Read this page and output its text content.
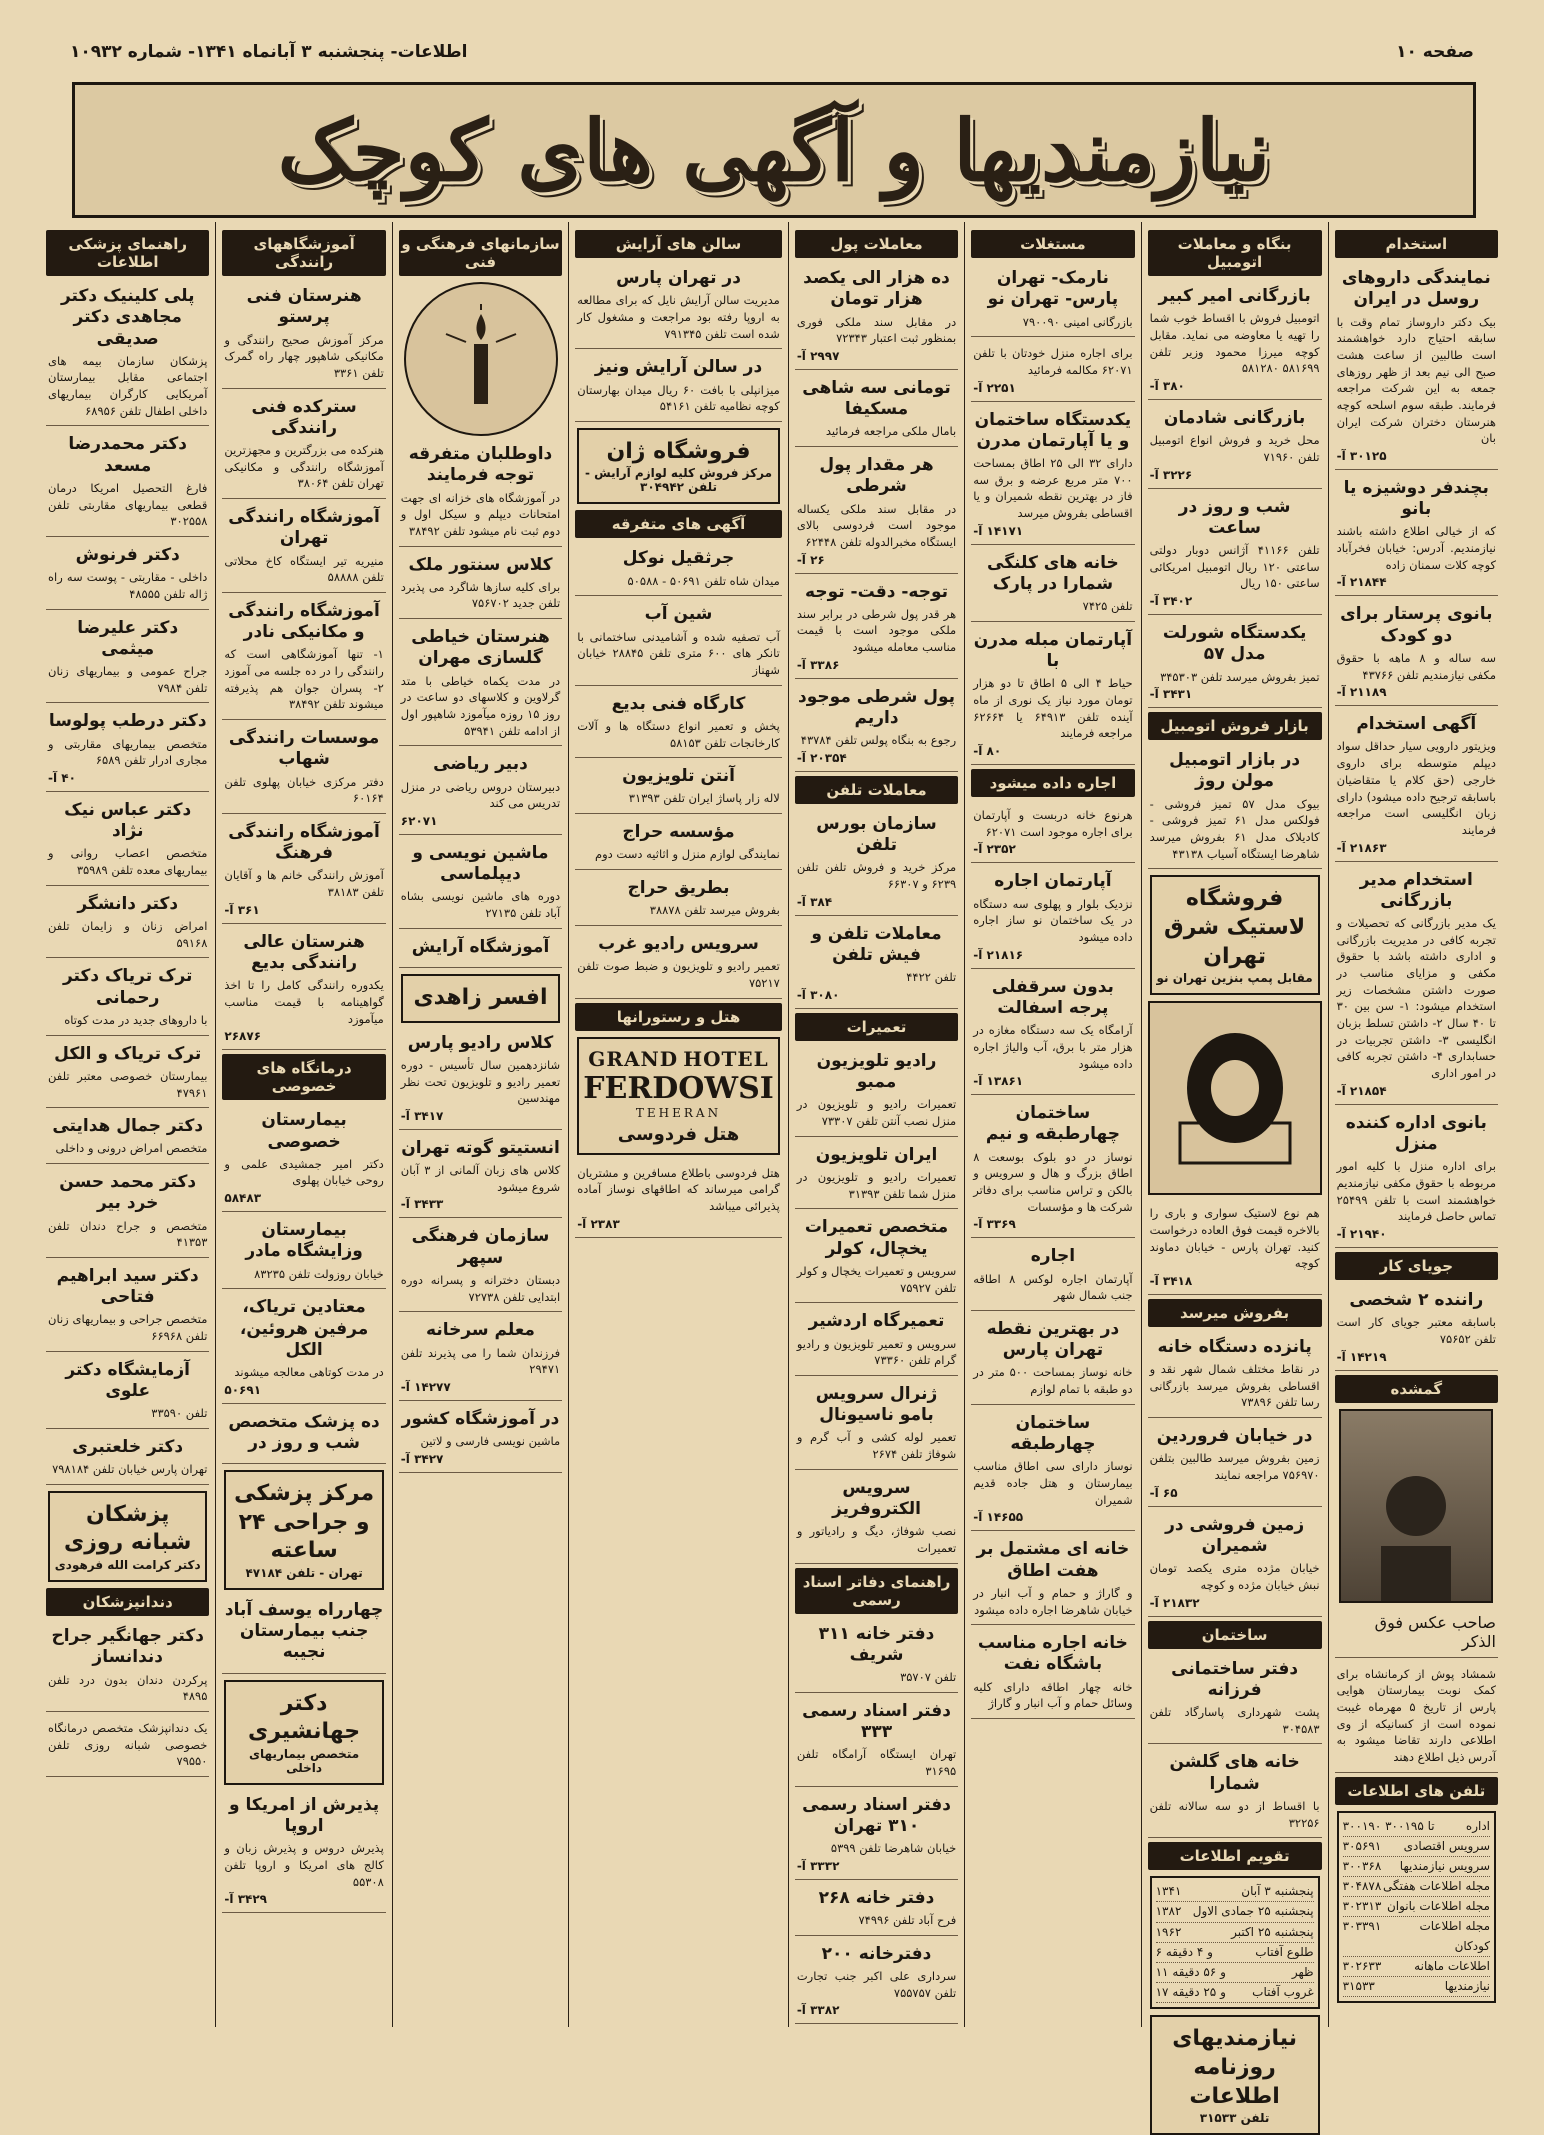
صفحه ۱۰
اطلاعات- پنجشنبه ۳ آبانماه ۱۳۴۱- شماره ۱۰۹۳۲
نیازمندیها و آگهی های کوچک
استخدام
نمایندگی داروهای روسل در ایران
بیک دکتر داروساز تمام وقت با سابقه احتیاج دارد خواهشمند است طالبین از ساعت هشت صبح الی نیم بعد از ظهر روزهای جمعه به این شرکت مراجعه فرمایند. طبقه سوم اسلحه کوچه هنرستان دختران شرکت ایران بان
۳۰۱۲۵ آ-
بچندفر دوشیزه یا بانو
که از خیالی اطلاع داشته باشند نیازمندیم. آدرس: خیابان فخرآباد کوچه کلات سمنان زاده
۲۱۸۴۴ آ-
بانوی پرستار برای دو کودک
سه ساله و ۸ ماهه با حقوق مکفی نیازمندیم تلفن ۴۳۷۶۶
۲۱۱۸۹ آ-
آگهی استخدام
ویزیتور دارویی سیار حداقل سواد دیپلم متوسطه برای داروی خارجی (حق کلام یا متقاضیان باسابقه ترجیح داده میشود) دارای زبان انگلیسی است مراجعه فرمایند
۲۱۸۶۳ آ-
استخدام مدیر بازرگانی
یک مدیر بازرگانی که تحصیلات و تجربه کافی در مدیریت بازرگانی و اداری داشته باشد با حقوق مکفی و مزایای مناسب در صورت داشتن مشخصات زیر استخدام میشود: ۱- سن بین ۳۰ تا ۴۰ سال ۲- داشتن تسلط بزبان انگلیسی ۳- داشتن تجربیات در حسابداری ۴- داشتن تجربه کافی در امور اداری
۲۱۸۵۴ آ-
بانوی اداره کننده منزل
برای اداره منزل با کلیه امور مربوطه با حقوق مکفی نیازمندیم خواهشمند است با تلفن ۲۵۴۹۹ تماس حاصل فرمایند
۲۱۹۴۰ آ-
جویای کار
راننده ۲ شخصی
باسابقه معتبر جویای کار است تلفن ۷۵۶۵۲
۱۴۲۱۹ آ-
گمشده
صاحب عکس فوق الذکر
شمشاد پوش از کرمانشاه برای کمک نوبت بیمارستان هوایی پارس از تاریخ ۵ مهرماه غیبت نموده است از کسانیکه از وی اطلاعی دارند تقاضا میشود به آدرس ذیل اطلاع دهند
تلفن های اطلاعات
اداره
۳۰۰۱۹۰ تا ۳۰۰۱۹۵
سرویس اقتصادی
۳۰۵۶۹۱
سرویس نیازمندیها
۳۰۰۳۶۸
مجله اطلاعات هفتگی
۳۰۴۸۷۸
مجله اطلاعات بانوان
۳۰۲۳۱۳
مجله اطلاعات کودکان
۳۰۳۳۹۱
اطلاعات ماهانه
۳۰۲۶۳۳
نیازمندیها
۳۱۵۳۳
بنگاه و معاملات اتومبیل
بازرگانی امیر کبیر
اتومبیل فروش با اقساط خوب شما را تهیه یا معاوضه می نماید. مقابل کوچه میرزا محمود وزیر تلفن ۵۸۱۶۹۹ ۵۸۱۲۸۰
۳۸۰ آ-
بازرگانی شادمان
محل خرید و فروش انواع اتومبیل تلفن ۷۱۹۶۰
۳۲۲۶ آ-
شب و روز در ساعت
تلفن ۴۱۱۶۶ آژانس دوبار دولتی ساعتی ۱۲۰ ریال اتومبیل امریکائی ساعتی ۱۵۰ ریال
۳۴۰۲ آ-
یکدستگاه شورلت مدل ۵۷
تمیز بفروش میرسد تلفن ۳۴۵۳۰۳
۳۴۳۱ آ-
بازار فروش اتومبیل
در بازار اتومبیل مولن روژ
بیوک مدل ۵۷ تمیز فروشی - فولکس مدل ۶۱ تمیز فروشی - کادیلاک مدل ۶۱ بفروش میرسد شاهرضا ایستگاه آسیاب ۴۳۱۳۸
فروشگاه لاستیک شرق تهران
مقابل پمپ بنزین تهران نو
هم نوع لاستیک سواری و باری را بالاخره قیمت فوق العاده درخواست کنید. تهران پارس - خیابان دماوند کوچه
۳۴۱۸ آ-
بفروش میرسد
پانزده دستگاه خانه
در نقاط مختلف شمال شهر نقد و اقساطی بفروش میرسد بازرگانی رسا تلفن ۷۳۸۹۶
در خیابان فروردین
زمین بفروش میرسد طالبین بتلفن ۷۵۶۹۷۰ مراجعه نمایند
۶۵ آ-
زمین فروشی در شمیران
خیابان مژده متری یکصد تومان نبش خیابان مژده و کوچه
۲۱۸۳۲ آ-
ساختمان
دفتر ساختمانی فرزانه
پشت شهرداری پاسارگاد تلفن ۳۰۴۵۸۳
خانه های گلشن شمارا
با اقساط از دو سه سالانه تلفن ۳۲۲۵۶
تقویم اطلاعات
پنجشنبه ۳ آبان
۱۳۴۱
پنجشنبه ۲۵ جمادی الاول
۱۳۸۲
پنجشنبه ۲۵ اکتبر
۱۹۶۲
طلوع آفتاب
۶ و ۴ دقیقه
ظهر
۱۱ و ۵۶ دقیقه
غروب آفتاب
۱۷ و ۲۵ دقیقه
نیازمندیهای روزنامه اطلاعات
تلفن ۳۱۵۳۳
مستغلات
نارمک- تهران پارس- تهران نو
بازرگانی امینی ۷۹۰۰۹۰
برای اجاره منزل خودتان با تلفن ۶۲۰۷۱ مکالمه فرمائید
۲۲۵۱ آ-
یکدستگاه ساختمان و یا آپارتمان مدرن
دارای ۳۲ الی ۲۵ اطاق بمساحت ۷۰۰ متر مربع عرضه و برق سه فاز در بهترین نقطه شمیران و یا اقساطی بفروش میرسد
۱۴۱۷۱ آ-
خانه های کلنگی شمارا در پارک
تلفن ۷۴۲۵
آپارتمان مبله مدرن با
حیاط ۴ الی ۵ اطاق تا دو هزار تومان مورد نیاز یک نوری از ماه آینده تلفن ۶۴۹۱۳ یا ۶۲۶۶۴ مراجعه فرمایند
۸۰ آ-
اجاره داده میشود
هرنوع خانه دربست و آپارتمان برای اجاره موجود است ۶۲۰۷۱
۲۳۵۲ آ-
آپارتمان اجاره
نزدیک بلوار و پهلوی سه دستگاه در یک ساختمان نو ساز اجاره داده میشود
۲۱۸۱۶ آ-
بدون سرقفلی پرجه اسفالت
آرامگاه یک سه دستگاه مغازه در هزار متر با برق، آب والیاژ اجاره داده میشود
۱۳۸۶۱ آ-
ساختمان چهارطبقه و نیم
نوساز در دو بلوک بوسعت ۸ اطاق بزرگ و هال و سرویس و بالکن و تراس مناسب برای دفاتر شرکت ها و مؤسسات
۳۳۶۹ آ-
اجاره
آپارتمان اجاره لوکس ۸ اطاقه جنب شمال شهر
در بهترین نقطه تهران پارس
خانه نوساز بمساحت ۵۰۰ متر در دو طبقه با تمام لوازم
ساختمان چهارطبقه
نوساز دارای سی اطاق مناسب بیمارستان و هتل جاده قدیم شمیران
۱۴۶۵۵ آ-
خانه ای مشتمل بر هفت اطاق
و گاراژ و حمام و آب انبار در خیابان شاهرضا اجاره داده میشود
خانه اجاره مناسب باشگاه نفت
خانه چهار اطاقه دارای کلیه وسائل حمام و آب انبار و گاراژ
معاملات پول
ده هزار الی یکصد هزار تومان
در مقابل سند ملکی فوری بمنظور ثبت اعتبار ۷۲۳۴۳
۲۹۹۷ آ-
تومانی سه شاهی مسکیفا
بامال ملکی مراجعه فرمائید
هر مقدار پول شرطی
در مقابل سند ملکی یکساله موجود است فردوسی بالای ایستگاه مخبرالدوله تلفن ۶۲۴۴۸
۲۶ آ-
توجه- دقت- توجه
هر قدر پول شرطی در برابر سند ملکی موجود است با قیمت مناسب معامله میشود
۳۳۸۶ آ-
پول شرطی موجود داریم
رجوع به بنگاه پولس تلفن ۴۳۷۸۴
۲۰۳۵۴ آ-
معاملات تلفن
سازمان بورس تلفن
مرکز خرید و فروش تلفن تلفن ۶۲۳۹ و ۶۶۳۰۷
۳۸۴ آ-
معاملات تلفن و فیش تلفن
تلفن ۴۴۲۲
۳۰۸۰ آ-
تعمیرات
رادیو تلویزیون ممبو
تعمیرات رادیو و تلویزیون در منزل نصب آنتن تلفن ۷۳۳۰۷
ایران تلویزیون
تعمیرات رادیو و تلویزیون در منزل شما تلفن ۳۱۳۹۳
متخصص تعمیرات یخچال، کولر
سرویس و تعمیرات یخچال و کولر تلفن ۷۵۹۲۷
تعمیرگاه اردشیر
سرویس و تعمیر تلویزیون و رادیو گرام تلفن ۷۳۳۶۰
ژنرال سرویس بامو ناسیونال
تعمیر لوله کشی و آب گرم و شوفاژ تلفن ۲۶۷۴
سرویس الکتروفریز
نصب شوفاژ، دیگ و رادیاتور و تعمیرات
راهنمای دفاتر اسناد رسمی
دفتر خانه ۳۱۱ شریف
تلفن ۳۵۷۰۷
دفتر اسناد رسمی ۳۳۳
تهران ایستگاه آرامگاه تلفن ۳۱۶۹۵
دفتر اسناد رسمی ۳۱۰ تهران
خیابان شاهرضا تلفن ۵۳۹۹
۳۳۳۲ آ-
دفتر خانه ۲۶۸
فرح آباد تلفن ۷۴۹۹۶
دفترخانه ۲۰۰
سرداری علی اکبر جنب تجارت تلفن ۷۵۵۷۵۷
۳۳۸۲ آ-
سالن های آرایش
در تهران پارس
مدیریت سالن آرایش نایل که برای مطالعه به اروپا رفته بود مراجعت و مشغول کار شده است تلفن ۷۹۱۳۴۵
در سالن آرایش ونیز
میزانپلی با بافت ۶۰ ریال میدان بهارستان کوچه نظامیه تلفن ۵۴۱۶۱
فروشگاه ژان
مرکز فروش کلیه لوازم آرایش - تلفن ۳۰۴۹۴۲
آگهی های متفرقه
جرثقیل نوکل
میدان شاه تلفن ۵۰۶۹۱ - ۵۰۵۸۸
شین آب
آب تصفیه شده و آشامیدنی ساختمانی با تانکر های ۶۰۰ متری تلفن ۲۸۸۴۵ خیابان شهناز
کارگاه فنی بدیع
پخش و تعمیر انواع دستگاه ها و آلات کارخانجات تلفن ۵۸۱۵۳
آنتن تلویزیون
لاله زار پاساژ ایران تلفن ۳۱۳۹۳
مؤسسه حراج
نمایندگی لوازم منزل و اثاثیه دست دوم
بطریق حراج
بفروش میرسد تلفن ۳۸۸۷۸
سرویس رادیو غرب
تعمیر رادیو و تلویزیون و ضبط صوت تلفن ۷۵۲۱۷
هتل و رستورانها
GRAND HOTEL
FERDOWSI
TEHERAN
هتل فردوسی
هتل فردوسی باطلاع مسافرین و مشتریان گرامی میرساند که اطاقهای نوساز آماده پذیرائی میباشد
۲۳۸۳ آ-
سازمانهای فرهنگی و فنی
داوطلبان متفرقه توجه فرمایند
در آموزشگاه های خزانه ای جهت امتحانات دیپلم و سیکل اول و دوم ثبت نام میشود تلفن ۳۸۴۹۲
کلاس سنتور ملک
برای کلیه سازها شاگرد می پذیرد تلفن جدید ۷۵۶۷۰۲
هنرستان خیاطی گلسازی مهران
در مدت یکماه خیاطی با متد گرلاوین و کلاسهای دو ساعت در روز ۱۵ روزه میآموزد شاهپور اول از ادامه تلفن ۵۳۹۴۱
دبیر ریاضی
دبیرستان دروس ریاضی در منزل تدریس می کند
۶۲۰۷۱
ماشین نویسی و دیپلماسی
دوره های ماشین نویسی بشاه آباد تلفن ۲۷۱۳۵
آموزشگاه آرایش
افسر زاهدی
کلاس رادیو پارس
شانزدهمین سال تأسیس - دوره تعمیر رادیو و تلویزیون تحت نظر مهندسین
۳۴۱۷ آ-
انستیتو گوته تهران
کلاس های زبان آلمانی از ۳ آبان شروع میشود
۳۴۳۳ آ-
سازمان فرهنگی سپهر
دبستان دخترانه و پسرانه دوره ابتدایی تلفن ۷۲۷۳۸
معلم سرخانه
فرزندان شما را می پذیرند تلفن ۲۹۴۷۱
۱۴۲۷۷ آ-
در آموزشگاه کشور
ماشین نویسی فارسی و لاتین
۳۴۲۷ آ-
آموزشگاههای رانندگی
هنرستان فنی پرستو
مرکز آموزش صحیح رانندگی و مکانیکی شاهپور چهار راه گمرک تلفن ۳۳۶۱
سترکده فنی رانندگی
هنرکده می بزرگترین و مجهزترین آموزشگاه رانندگی و مکانیکی تهران تلفن ۳۸۰۶۴
آموزشگاه رانندگی تهران
منیریه تیر ایستگاه کاخ محلاتی تلفن ۵۸۸۸۸
آموزشگاه رانندگی و مکانیکی نادر
۱- تنها آموزشگاهی است که رانندگی را در ده جلسه می آموزد ۲- پسران جوان هم پذیرفته میشوند تلفن ۳۸۴۹۲
موسسات رانندگی شهاب
دفتر مرکزی خیابان پهلوی تلفن ۶۰۱۶۴
آموزشگاه رانندگی فرهنگ
آموزش رانندگی خانم ها و آقایان تلفن ۳۸۱۸۳
۳۶۱ آ-
هنرستان عالی رانندگی بدیع
یکدوره رانندگی کامل را تا اخذ گواهینامه با قیمت مناسب میآموزد
۲۶۸۷۶
درمانگاه های خصوصی
بیمارستان خصوصی
دکتر امیر جمشیدی علمی و روحی خیابان پهلوی
۵۸۴۸۳
بیمارستان وزایشگاه مادر
خیابان روزولت تلفن ۸۳۲۳۵
معتادین تریاک، مرفین هروئین، الکل
در مدت کوتاهی معالجه میشوند
۵۰۶۹۱
ده پزشک متخصص شب و روز در
مرکز پزشکی و جراحی ۲۴ ساعته
تهران - تلفن ۴۷۱۸۴
چهارراه یوسف آباد جنب بیمارستان نجیبه
دکتر جهانشیری
متخصص بیماریهای داخلی
پذیرش از امریکا و اروپا
پذیرش دروس و پذیرش زبان و کالج های امریکا و اروپا تلفن ۵۵۳۰۸
۳۴۲۹ آ-
راهنمای پزشکی اطلاعات
پلی کلینیک دکتر مجاهدی دکتر صدیقی
پزشکان سازمان بیمه های اجتماعی مقابل بیمارستان آمریکایی کارگران بیماریهای داخلی اطفال تلفن ۶۸۹۵۶
دکتر محمدرضا مسعد
فارغ التحصیل امریکا درمان قطعی بیماریهای مقاربتی تلفن ۳۰۲۵۵۸
دکتر فرنوش
داخلی - مقاربتی - پوست سه راه ژاله تلفن ۴۸۵۵۵
دکتر علیرضا میثمی
جراح عمومی و بیماریهای زنان تلفن ۷۹۸۴
دکتر درطب پولوسا
متخصص بیماریهای مقاربتی و مجاری ادرار تلفن ۶۵۸۹
۴۰ آ-
دکتر عباس نیک نژاد
متخصص اعصاب روانی و بیماریهای معده تلفن ۳۵۹۸۹
دکتر دانشگر
امراض زنان و زایمان تلفن ۵۹۱۶۸
ترک تریاک دکتر رحمانی
با داروهای جدید در مدت کوتاه
ترک تریاک و الکل
بیمارستان خصوصی معتبر تلفن ۴۷۹۶۱
دکتر جمال هدایتی
متخصص امراض درونی و داخلی
دکتر محمد حسن خرد بیر
متخصص و جراح دندان تلفن ۴۱۳۵۳
دکتر سید ابراهیم فتاحی
متخصص جراحی و بیماریهای زنان تلفن ۶۶۹۶۸
آزمایشگاه دکتر علوی
تلفن ۳۳۵۹۰
دکتر خلعتبری
تهران پارس خیابان تلفن ۷۹۸۱۸۴
پزشکان شبانه روزی
دکتر کرامت الله فرهودی
دندانپزشکان
دکتر جهانگیر جراح دندانساز
پرکردن دندان بدون درد تلفن ۴۸۹۵
یک دندانپزشک متخصص درمانگاه خصوصی شبانه روزی تلفن ۷۹۵۵۰
